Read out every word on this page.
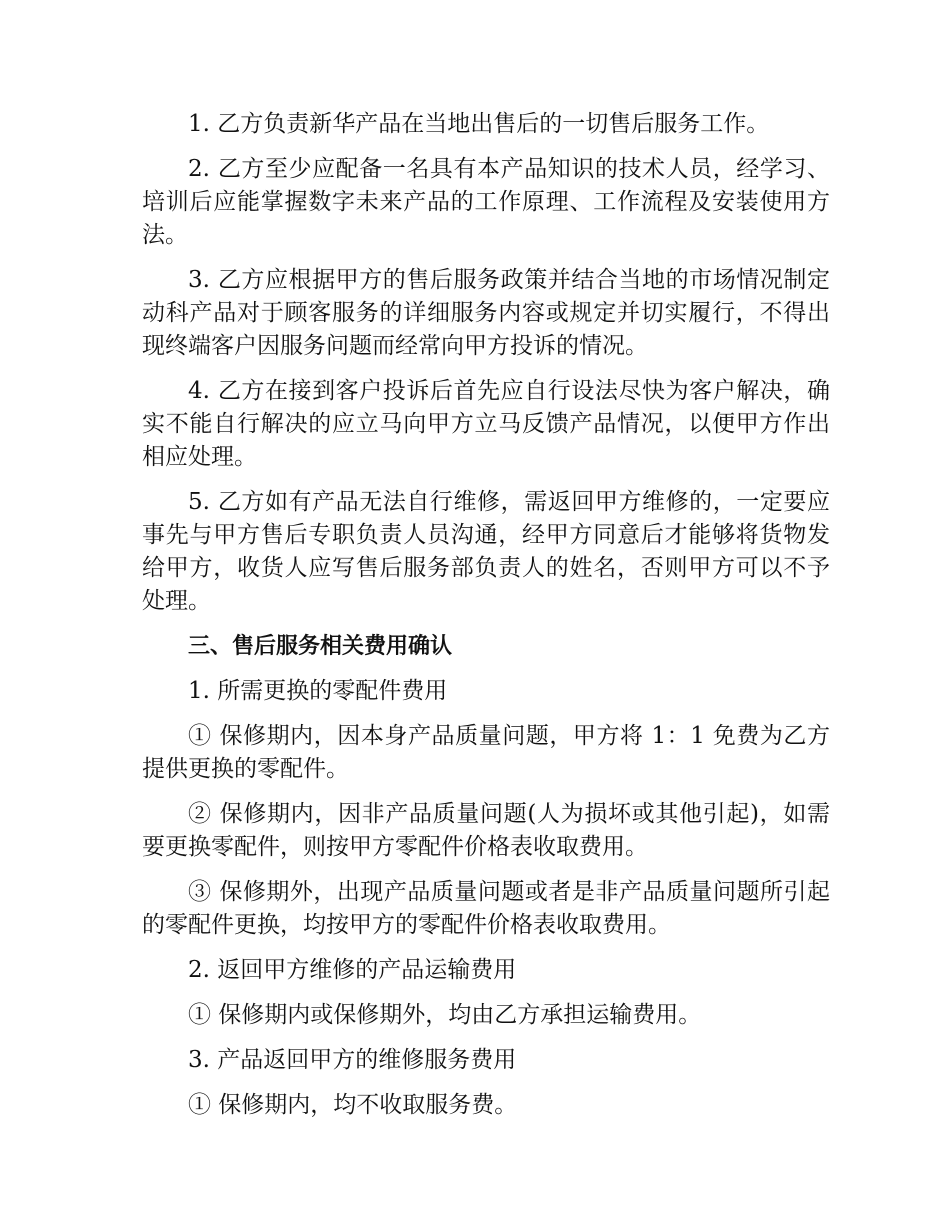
1. 乙方负责新华产品在当地出售后的一切售后服务工作。

2. 乙方至少应配备一名具有本产品知识的技术人员，经学习、培训后应能掌握数字未来产品的工作原理、工作流程及安装使用方法。

3. 乙方应根据甲方的售后服务政策并结合当地的市场情况制定动科产品对于顾客服务的详细服务内容或规定并切实履行，不得出现终端客户因服务问题而经常向甲方投诉的情况。

4. 乙方在接到客户投诉后首先应自行设法尽快为客户解决，确实不能自行解决的应立马向甲方立马反馈产品情况，以便甲方作出相应处理。

5. 乙方如有产品无法自行维修，需返回甲方维修的，一定要应事先与甲方售后专职负责人员沟通，经甲方同意后才能够将货物发给甲方，收货人应写售后服务部负责人的姓名，否则甲方可以不予处理。

三、售后服务相关费用确认

1. 所需更换的零配件费用

① 保修期内，因本身产品质量问题，甲方将 1：1 免费为乙方提供更换的零配件。

② 保修期内，因非产品质量问题(人为损坏或其他引起)，如需要更换零配件，则按甲方零配件价格表收取费用。

③ 保修期外，出现产品质量问题或者是非产品质量问题所引起的零配件更换，均按甲方的零配件价格表收取费用。

2. 返回甲方维修的产品运输费用

① 保修期内或保修期外，均由乙方承担运输费用。

3. 产品返回甲方的维修服务费用

① 保修期内，均不收取服务费。
